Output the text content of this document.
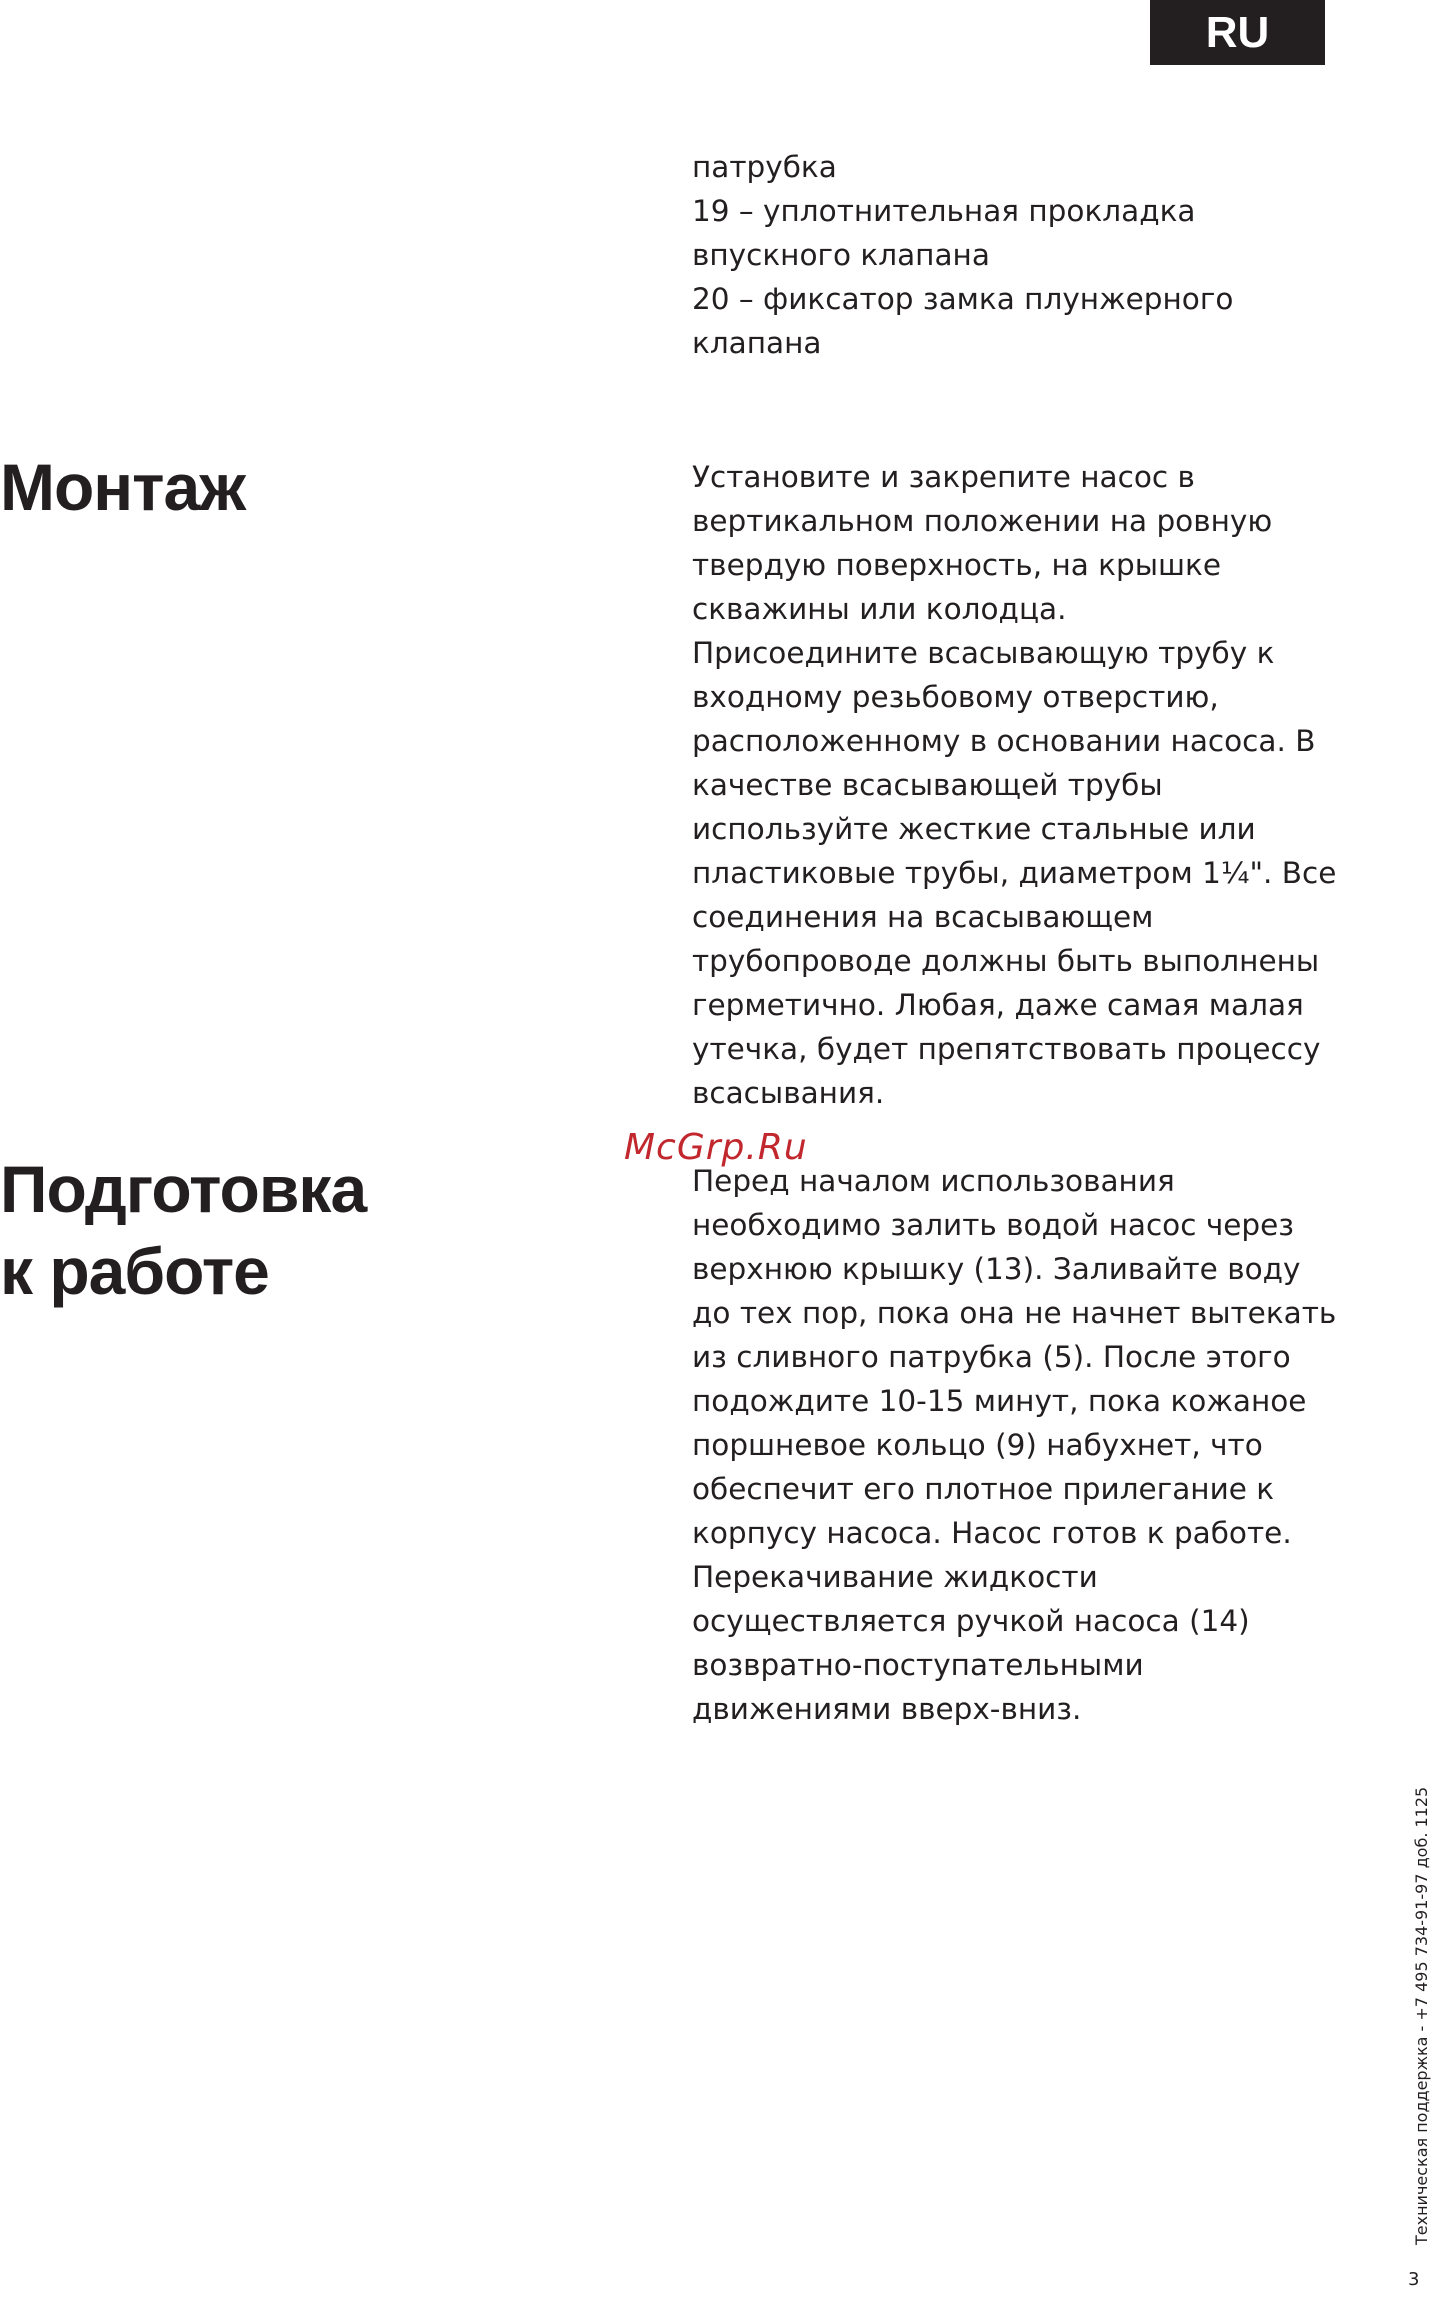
RU

патрубка

19 – уплотнительная прокладка впускного клапана

20 – фиксатор замка плунжерного клапана

Монтаж	Установите и закрепите насос в вертикальном положении на ровную твердую поверхность, на крышке скважины или колодца.

Присоедините всасывающую трубу к входному резьбовому отверстию, расположенному в основании насоса. В качестве всасывающей трубы используйте жесткие стальные или пластиковые трубы, диаметром 1¼". Все соединения на всасывающем трубопроводе должны быть выполнены герметично. Любая, даже самая малая утечка, будет препятствовать процессу всасывания.

Подготовка
к работе

Перед началом использования необходимо залить водой насос через верхнюю крышку (13). Заливайте воду до тех пор, пока она не начнет вытекать из сливного патрубка (5). После этого подождите 10-15 минут, пока кожаное поршневое кольцо (9) набухнет, что обеспечит его плотное прилегание к корпусу насоса. Насос готов к работе.

Перекачивание жидкости осуществляется ручкой насоса (14) возвратно-поступательными движениями вверх-вниз.

McGrp.Ru
Техническая поддержка - +7 495 734-91-97 доб. 1125
3
